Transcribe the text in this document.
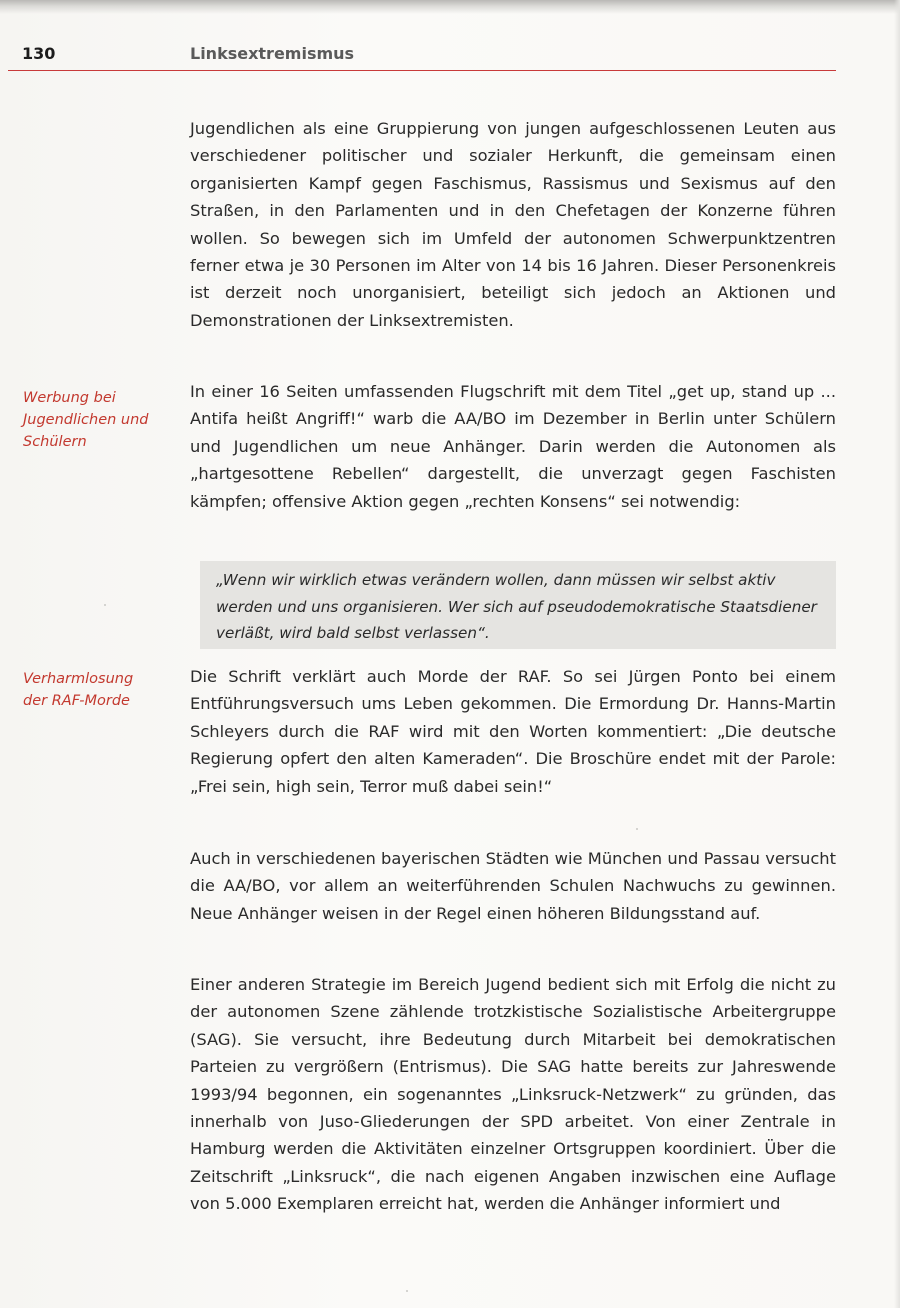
130	Linksextremismus

Jugendlichen als eine Gruppierung von jungen aufgeschlossenen Leuten aus verschiedener politischer und sozialer Herkunft, die gemeinsam einen organisierten Kampf gegen Faschismus, Rassismus und Sexismus auf den Straßen, in den Parlamenten und in den Chefetagen der Konzerne führen wollen. So bewegen sich im Umfeld der autonomen Schwerpunktzentren ferner etwa je 30 Personen im Alter von 14 bis 16 Jahren. Dieser Personenkreis ist derzeit noch unorganisiert, beteiligt sich jedoch an Aktionen und Demonstrationen der Linksextremisten.

Werbung bei
Jugendlichen und
Schülern

In einer 16 Seiten umfassenden Flugschrift mit dem Titel „get up, stand up ... Antifa heißt Angriff!“ warb die AA/BO im Dezember in Berlin unter Schülern und Jugendlichen um neue Anhänger. Darin werden die Autonomen als „hartgesottene Rebellen“ dargestellt, die unverzagt gegen Faschisten kämpfen; offensive Aktion gegen „rechten Konsens“ sei notwendig:

„Wenn wir wirklich etwas verändern wollen, dann müssen wir selbst aktiv werden und uns organisieren. Wer sich auf pseudodemokratische Staatsdiener verläßt, wird bald selbst verlassen“.

Verharmlosung
der RAF-Morde

Die Schrift verklärt auch Morde der RAF. So sei Jürgen Ponto bei einem Entführungsversuch ums Leben gekommen. Die Ermordung Dr. Hanns-Martin Schleyers durch die RAF wird mit den Worten kommentiert: „Die deutsche Regierung opfert den alten Kameraden“. Die Broschüre endet mit der Parole: „Frei sein, high sein, Terror muß dabei sein!“

Auch in verschiedenen bayerischen Städten wie München und Passau versucht die AA/BO, vor allem an weiterführenden Schulen Nachwuchs zu gewinnen. Neue Anhänger weisen in der Regel einen höheren Bildungsstand auf.

Einer anderen Strategie im Bereich Jugend bedient sich mit Erfolg die nicht zu der autonomen Szene zählende trotzkistische Sozialistische Arbeitergruppe (SAG). Sie versucht, ihre Bedeutung durch Mitarbeit bei demokratischen Parteien zu vergrößern (Entrismus). Die SAG hatte bereits zur Jahreswende 1993/94 begonnen, ein sogenanntes „Linksruck-Netzwerk“ zu gründen, das innerhalb von Juso-Gliederungen der SPD arbeitet. Von einer Zentrale in Hamburg werden die Aktivitäten einzelner Ortsgruppen koordiniert. Über die Zeitschrift „Linksruck“, die nach eigenen Angaben inzwischen eine Auflage von 5.000 Exemplaren erreicht hat, werden die Anhänger informiert und
